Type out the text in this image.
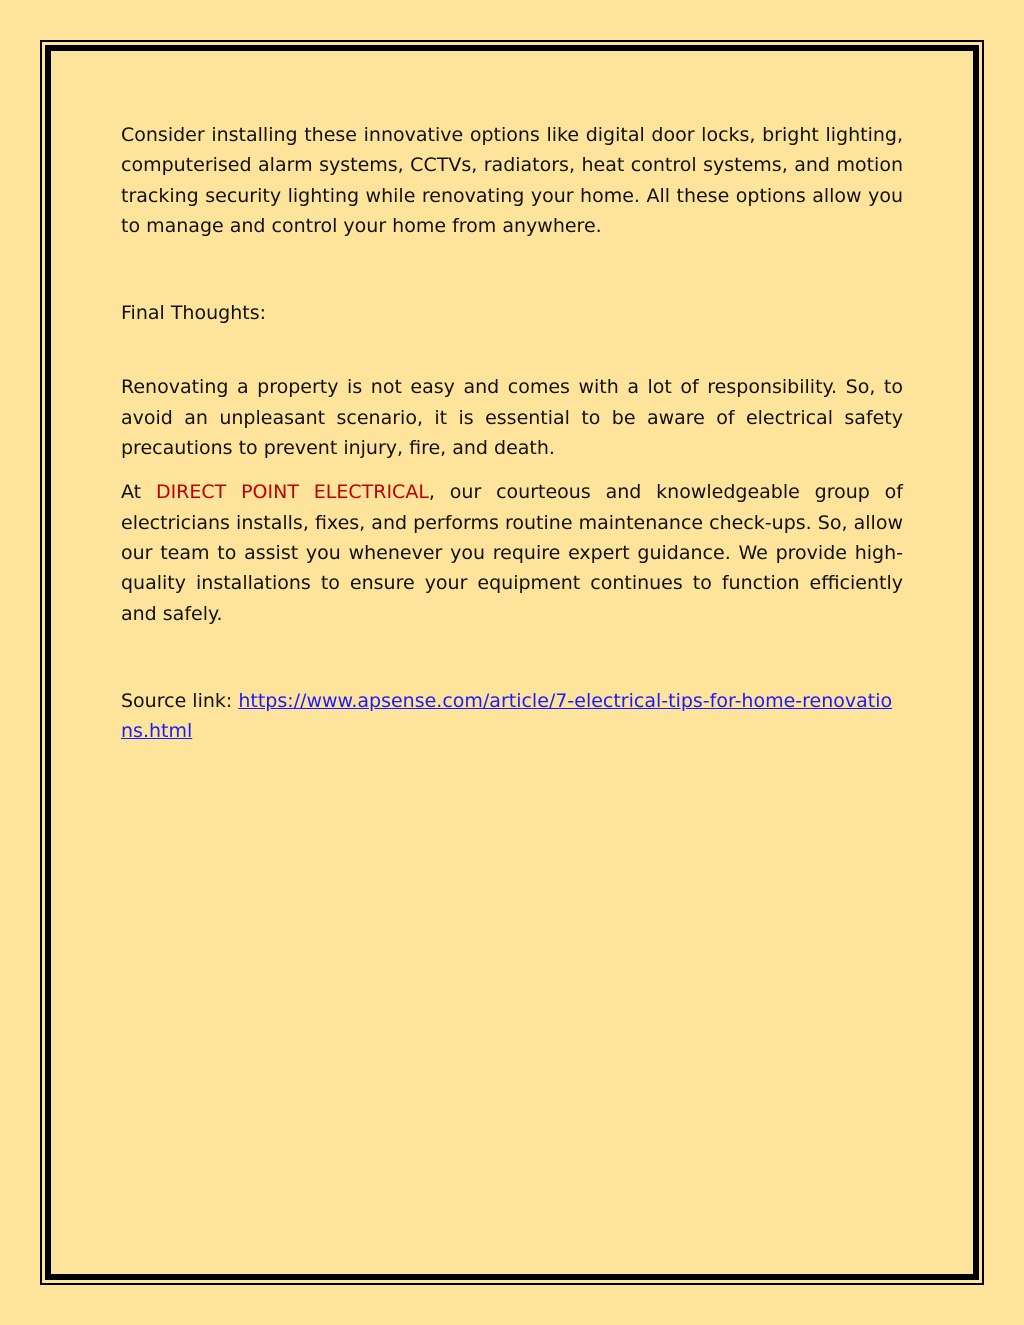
Consider installing these innovative options like digital door locks, bright lighting, computerised alarm systems, CCTVs, radiators, heat control systems, and motion tracking security lighting while renovating your home. All these options allow you to manage and control your home from anywhere.

Final Thoughts:

Renovating a property is not easy and comes with a lot of responsibility. So, to avoid an unpleasant scenario, it is essential to be aware of electrical safety precautions to prevent injury, fire, and death.

At DIRECT POINT ELECTRICAL, our courteous and knowledgeable group of electricians installs, fixes, and performs routine maintenance check-ups. So, allow our team to assist you whenever you require expert guidance. We provide high-quality installations to ensure your equipment continues to function efficiently and safely.

Source link: https://www.apsense.com/article/7-electrical-tips-for-home-renovations.html
